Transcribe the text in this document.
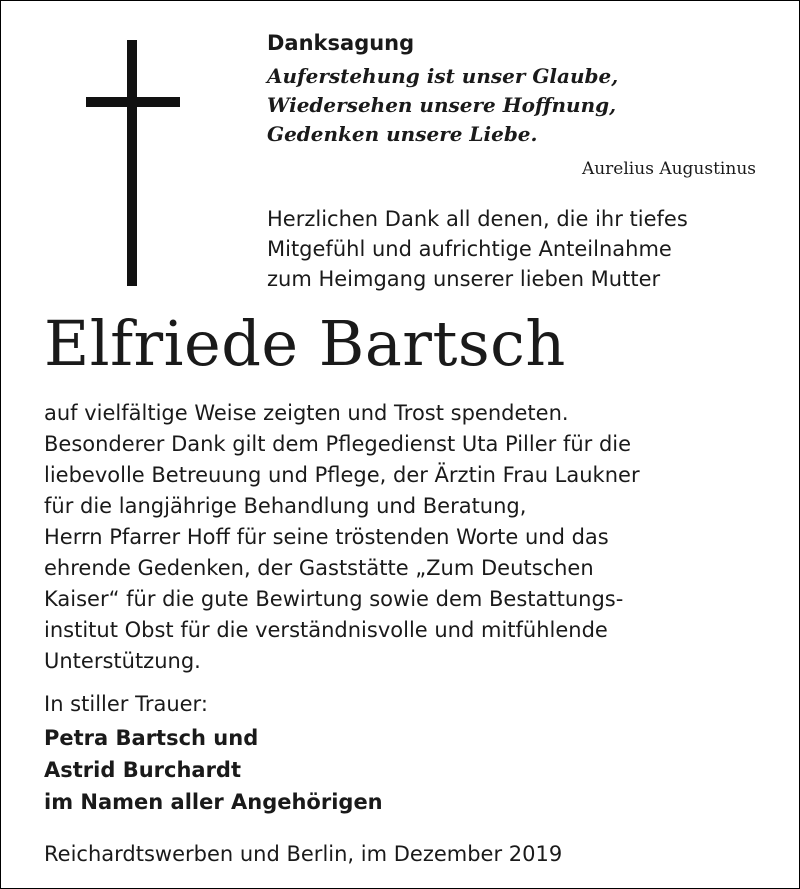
Danksagung
Auferstehung ist unser Glaube,
Wiedersehen unsere Hoffnung,
Gedenken unsere Liebe.
Aurelius Augustinus
Herzlichen Dank all denen, die ihr tiefes
Mitgefühl und aufrichtige Anteilnahme
zum Heimgang unserer lieben Mutter
Elfriede Bartsch
auf vielfältige Weise zeigten und Trost spendeten.
Besonderer Dank gilt dem Pflegedienst Uta Piller für die
liebevolle Betreuung und Pflege, der Ärztin Frau Laukner
für die langjährige Behandlung und Beratung,
Herrn Pfarrer Hoff für seine tröstenden Worte und das
ehrende Gedenken, der Gaststätte „Zum Deutschen
Kaiser“ für die gute Bewirtung sowie dem Bestattungs-
institut Obst für die verständnisvolle und mitfühlende
Unterstützung.
In stiller Trauer:
Petra Bartsch und
Astrid Burchardt
im Namen aller Angehörigen
Reichardtswerben und Berlin, im Dezember 2019
